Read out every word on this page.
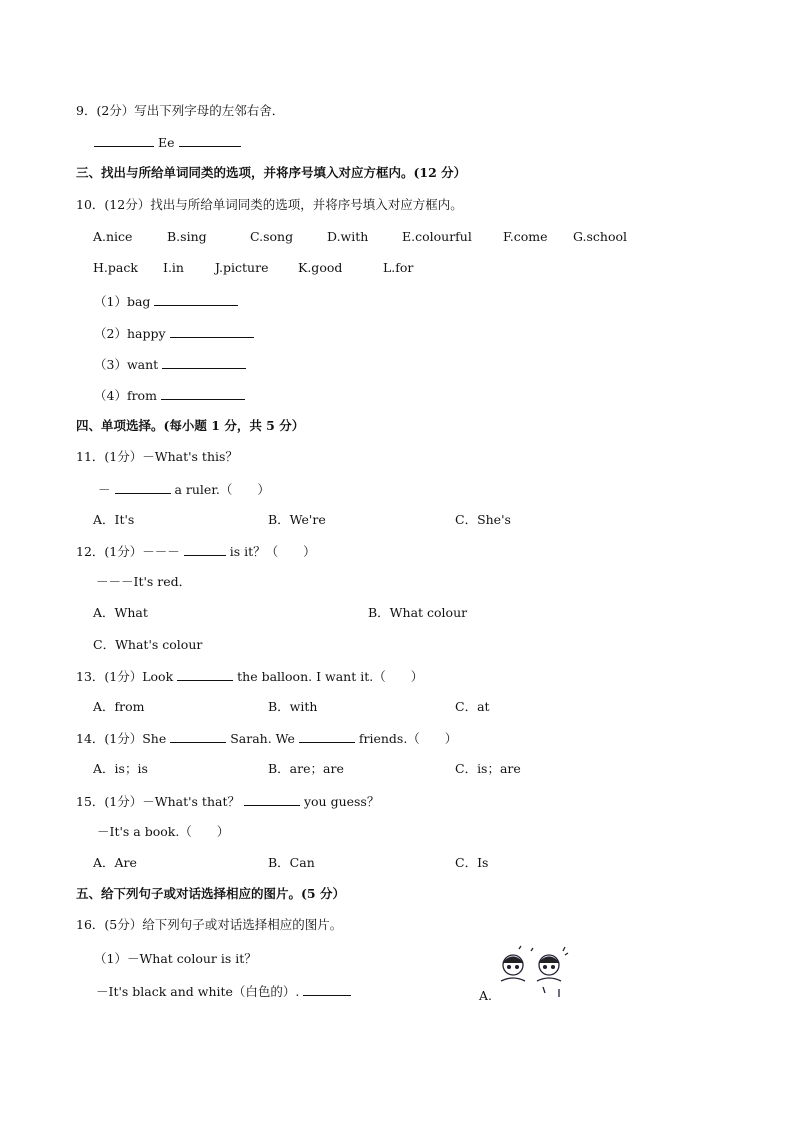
9．(2分）写出下列字母的左邻右舍．
Ee
三、找出与所给单词同类的选项，并将序号填入对应方框内。(12 分）
10．(12分）找出与所给单词同类的选项，并将序号填入对应方框内。
A.nice	B.sing	C.song	D.with	E.colourful F.come G.school
H.pack I.in J.picture K.good	L.for
（1）bag
（2）happy
（3）want
（4）from
四、单项选择。(每小题 1 分，共 5 分）
11．(1分）－What's this？
－	a ruler.（　　）
A．It's	B．We're	C．She's
12．(1分）－－－	is it？（　　）
－－－It's red．
A．What	B．What colour
C．What's colour
13．(1分）Look	the balloon. I want it.（　　）
A．from	B．with	C．at
14．(1分）She	Sarah. We	friends.（　　）
A．is；is	B．are；are	C．is；are
15．(1分）－What's that？	you guess？
－It's a book.（　　）
A．Are	B．Can	C．Is
五、给下列句子或对话选择相应的图片。(5 分）
16．(5分）给下列句子或对话选择相应的图片。
（1）－What colour is it？
－It's black and white（白色的）.	A.
